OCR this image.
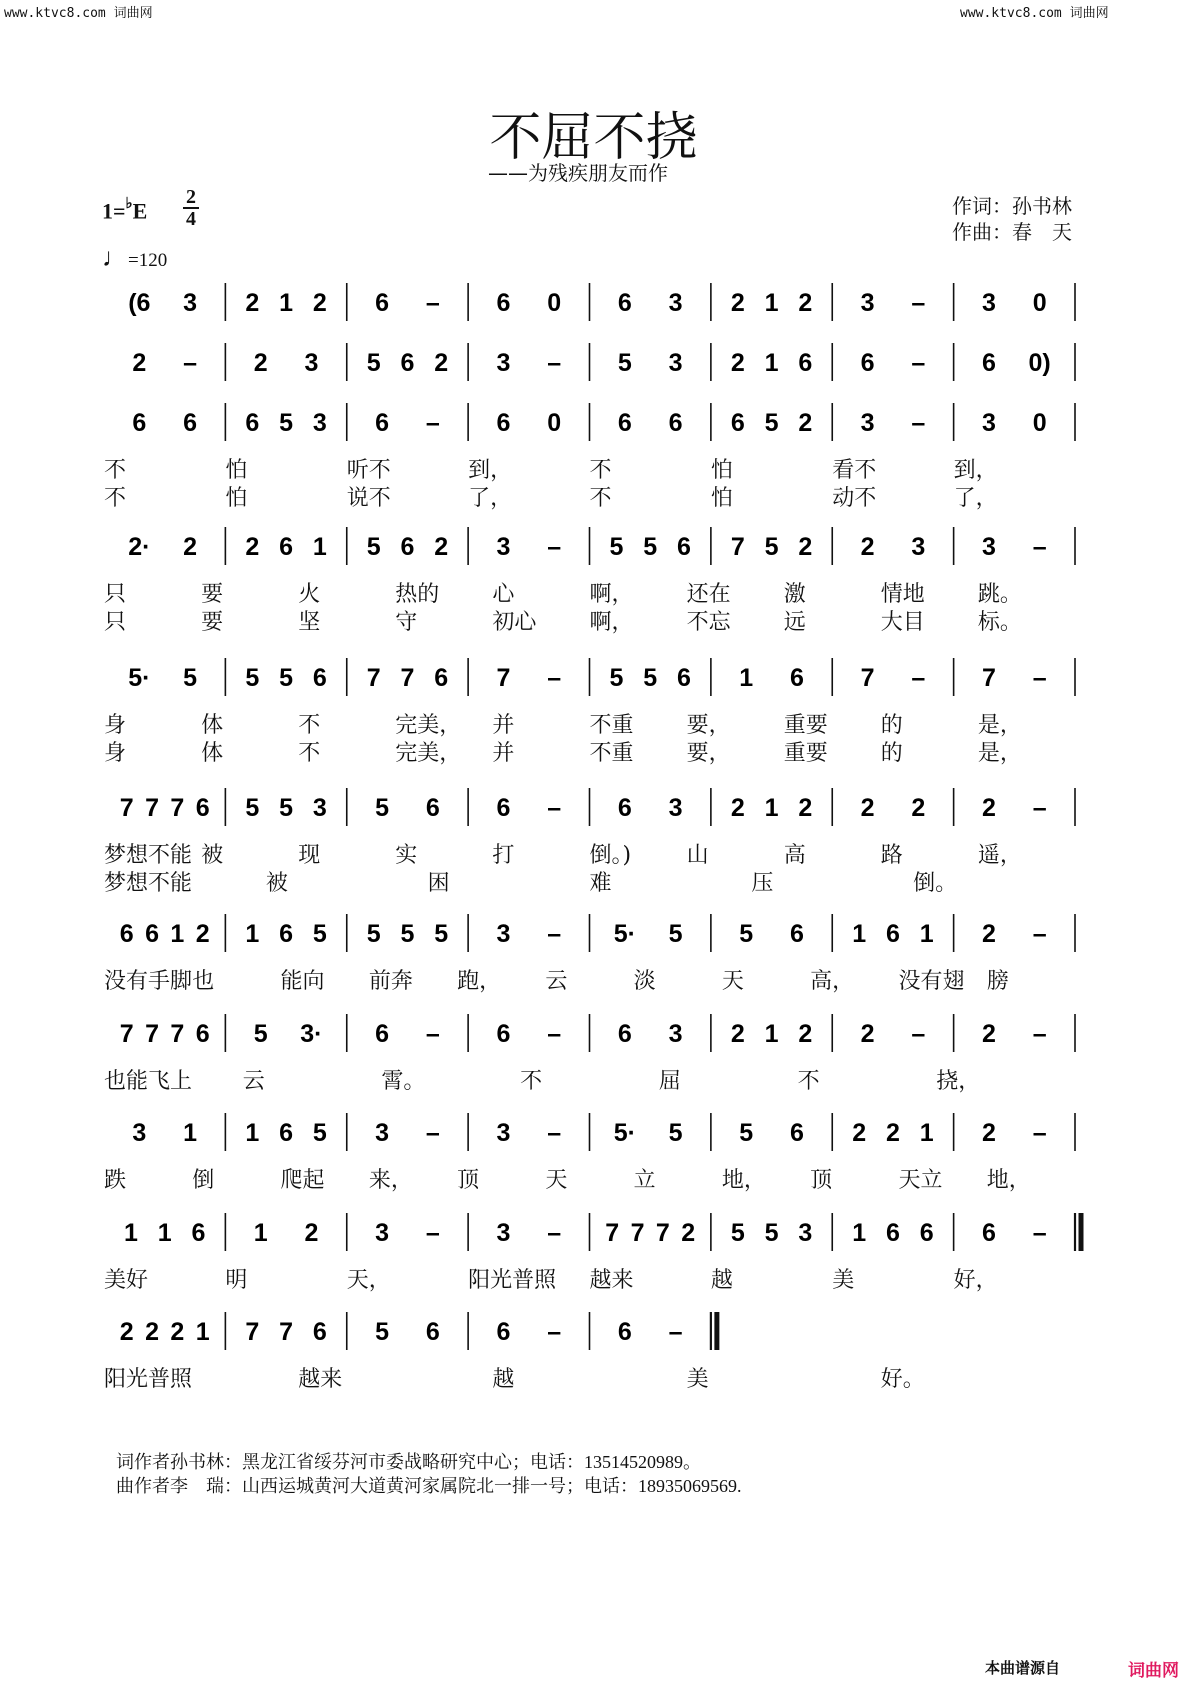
www.ktvc8.com 词曲网	www.ktvc8.com 词曲网
不屈不挠
——为残疾朋友而作
1=♭E
2
4
♩=120
作词：孙书林
作曲：春　天
(6 3 2 1 2 6 – 6 0 6 3 2 1 2 3 – 3 0
2 – 2 3 5 6 2 3 – 5 3 2 1 6 6 – 6 0)
6 6 6 5 3 6 – 6 0 6 6 6 5 2 3 – 3 0
不	怕	听不	到，	不	怕	看不	到，
不	怕	说不	了，	不	怕	动不	了，
2· 2 2 6 1 5 6 2 3 – 5 5 6 7 5 2 2 3 3 –
只	要	火	热的 心	啊， 还在 激	情地 跳。
只	要	坚	守	初心 啊， 不忘 远	大目 标。
5· 5 5 5 6 7 7 6 7 – 5 5 6 1 6 7 – 7 –
身	体	不	完美， 并	不重 要， 重要 的	是，
身	体	不	完美， 并	不重 要， 重要 的	是，
7 7 7 6 5 5 3 5 6 6 – 6 3 2 1 2 2 2 2 –
梦想不能 被	现	实	打	倒。)	山	高	路	遥，
梦想不能	被	困	难	压	倒。
6 6 1 2 1 6 5 5 5 5 3 – 5· 5 5 6 1 6 1 2 –
没有手脚 也	能向 前奔 跑， 云	淡	天	高， 没有翅 膀
7 7 7 6 5 3· 6 – 6 – 6 3 2 1 2 2 – 2 –
也能飞上 云	霄。	不	屈	不	挠，
3 1 1 6 5 3 – 3 – 5· 5 5 6 2 2 1 2 –
跌	倒	爬起 来， 顶	天	立	地， 顶	天立 地，
1 1 6 1 2 3 – 3 – 7 7 7 2 5 5 3 1 6 6 6 –
美好	明	天，	阳光普照 越来	越	美	好，
2 2 2 1 7 7 6 5 6 6 – 6 –
阳光普照	越来	越	美	好。
词作者孙书林：黑龙江省绥芬河市委战略研究中心；电话：13514520989。
曲作者李　瑞：山西运城黄河大道黄河家属院北一排一号；电话：18935069569.
本曲谱源自	词曲网
